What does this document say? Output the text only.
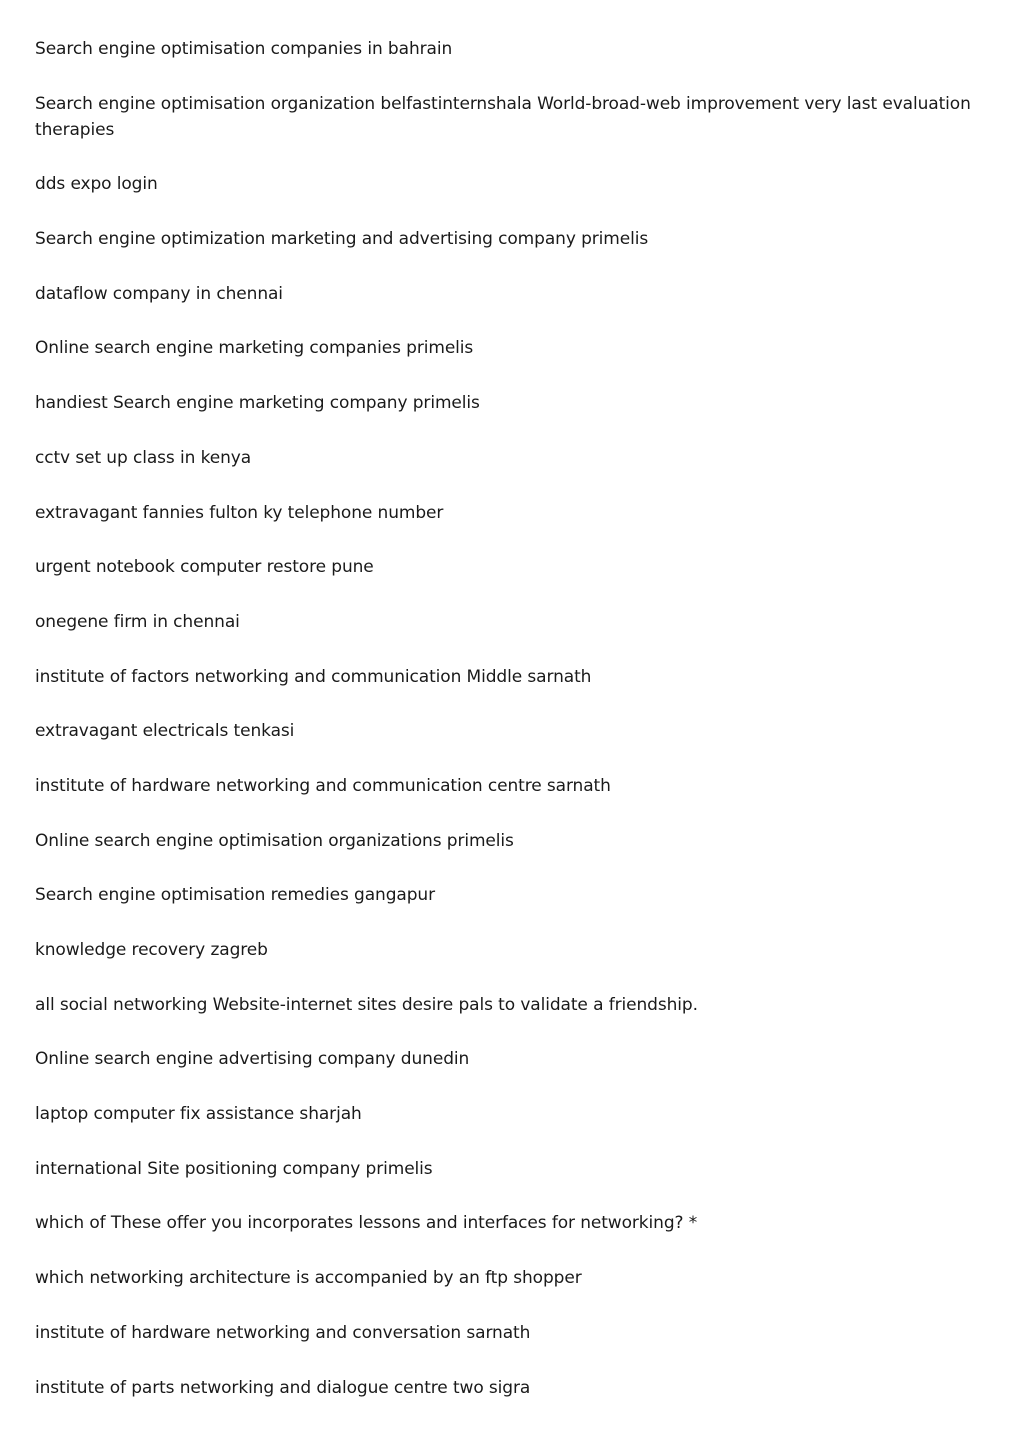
Search engine optimisation companies in bahrain

Search engine optimisation organization belfastinternshala World-broad-web improvement very last evaluation therapies

dds expo login

Search engine optimization marketing and advertising company primelis

dataflow company in chennai

Online search engine marketing companies primelis

handiest Search engine marketing company primelis

cctv set up class in kenya

extravagant fannies fulton ky telephone number

urgent notebook computer restore pune

onegene firm in chennai

institute of factors networking and communication Middle sarnath

extravagant electricals tenkasi

institute of hardware networking and communication centre sarnath

Online search engine optimisation organizations primelis

Search engine optimisation remedies gangapur

knowledge recovery zagreb

all social networking Website-internet sites desire pals to validate a friendship.

Online search engine advertising company dunedin

laptop computer fix assistance sharjah

international Site positioning company primelis

which of These offer you incorporates lessons and interfaces for networking? *

which networking architecture is accompanied by an ftp shopper

institute of hardware networking and conversation sarnath

institute of parts networking and dialogue centre two sigra
